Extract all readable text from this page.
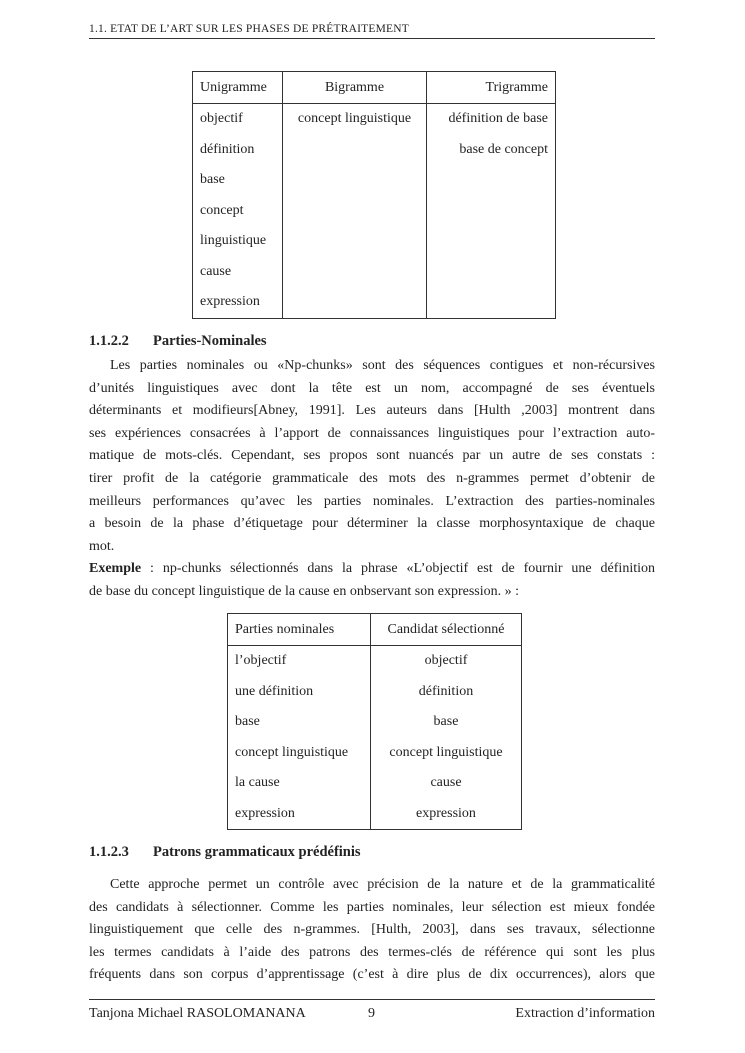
1.1. ETAT DE L’ART SUR LES PHASES DE PRÉTRAITEMENT
Unigramme	Bigramme	Trigramme
objectif	concept linguistique	définition de base
définition		base de concept
base		
concept		
linguistique		
cause		
expression		
1.1.2.2 Parties-Nominales
Les parties nominales ou «Np-chunks» sont des séquences contigues et non-récursives
d’unités linguistiques avec dont la tête est un nom, accompagné de ses éventuels
déterminants et modifieurs[Abney, 1991]. Les auteurs dans [Hulth ,2003] montrent dans
ses expériences consacrées à l’apport de connaissances linguistiques pour l’extraction auto-
matique de mots-clés. Cependant, ses propos sont nuancés par un autre de ses constats :
tirer profit de la catégorie grammaticale des mots des n-grammes permet d’obtenir de
meilleurs performances qu’avec les parties nominales. L’extraction des parties-nominales
a besoin de la phase d’étiquetage pour déterminer la classe morphosyntaxique de chaque
mot.
Exemple : np-chunks sélectionnés dans la phrase «L’objectif est de fournir une définition
de base du concept linguistique de la cause en onbservant son expression. » :
Parties nominales	Candidat sélectionné
l’objectif	objectif
une définition	définition
base	base
concept linguistique	concept linguistique
la cause	cause
expression	expression
1.1.2.3 Patrons grammaticaux prédéfinis
Cette approche permet un contrôle avec précision de la nature et de la grammaticalité
des candidats à sélectionner. Comme les parties nominales, leur sélection est mieux fondée
linguistiquement que celle des n-grammes. [Hulth, 2003], dans ses travaux, sélectionne
les termes candidats à l’aide des patrons des termes-clés de référence qui sont les plus
fréquents dans son corpus d’apprentissage (c’est à dire plus de dix occurrences), alors que
Tanjona Michael RASOLOMANANA	9	Extraction d’information
